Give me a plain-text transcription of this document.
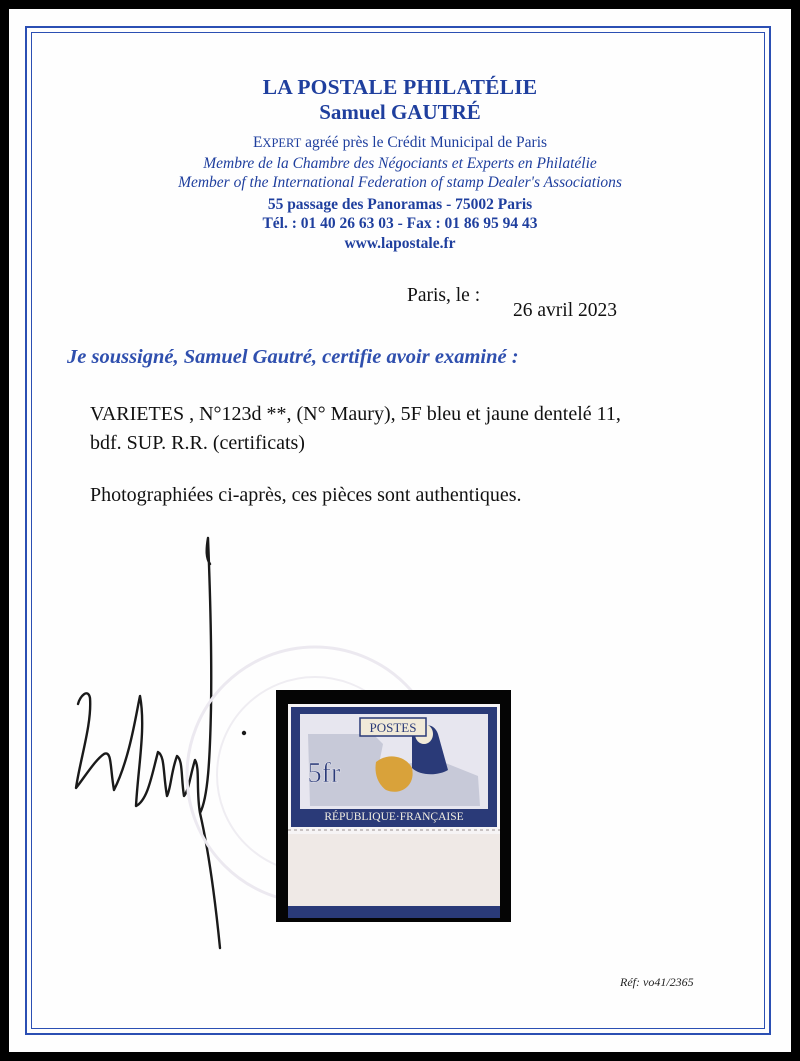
LA POSTALE PHILATÉLIE
Samuel GAUTRÉ
EXPERT agréé près le Crédit Municipal de Paris
Membre de la Chambre des Négociants et Experts en Philatélie
Member of the International Federation of stamp Dealer's Associations
55 passage des Panoramas - 75002 Paris
Tél. : 01 40 26 63 03 - Fax : 01 86 95 94 43
www.lapostale.fr
Paris, le :
26 avril 2023
Je soussigné, Samuel Gautré, certifie avoir examiné :
VARIETES , N°123d **, (N° Maury), 5F bleu et jaune dentelé 11,
bdf. SUP. R.R. (certificats)
Photographiées ci-après, ces pièces sont authentiques.
POSTES
5fr
RÉPUBLIQUE·FRANÇAISE
Réf: vo41/2365
